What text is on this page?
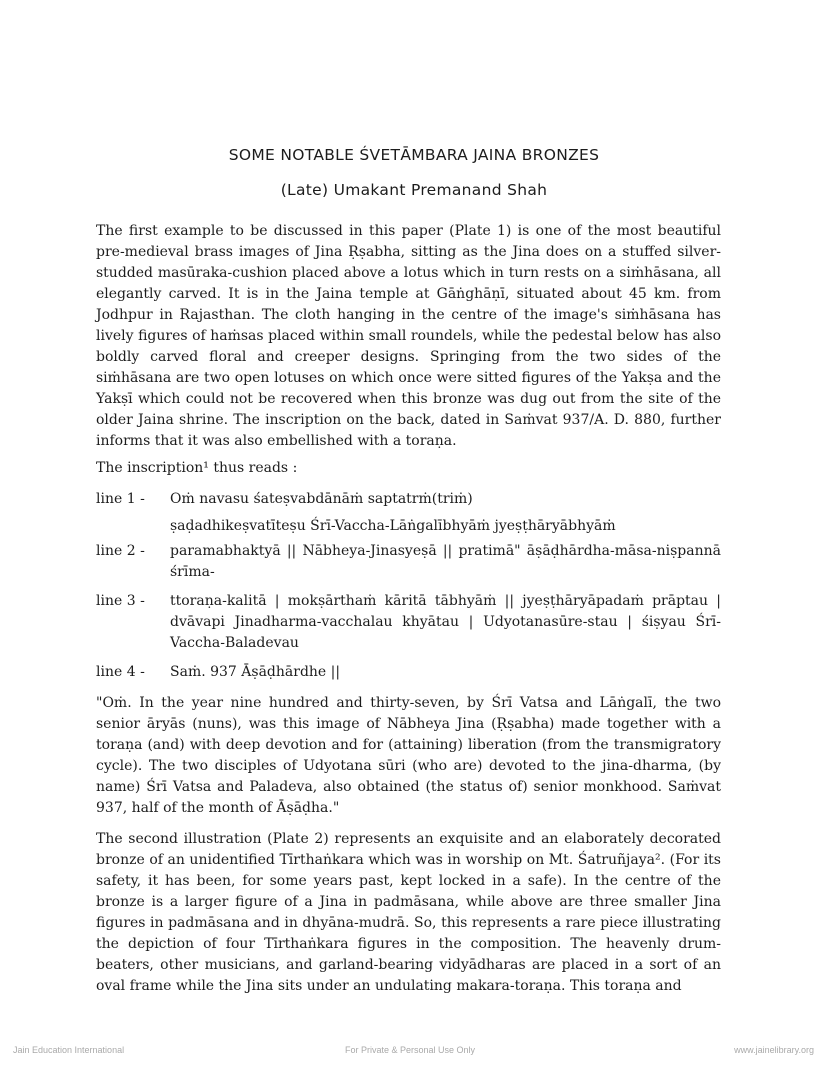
SOME NOTABLE ŚVETĀMBARA JAINA BRONZES
(Late) Umakant Premanand Shah

The first example to be discussed in this paper (Plate 1) is one of the most beautiful pre-medieval brass images of Jina Ṛṣabha, sitting as the Jina does on a stuffed silver-studded masūraka-cushion placed above a lotus which in turn rests on a siṁhāsana, all elegantly carved. It is in the Jaina temple at Gāṅghāṇī, situated about 45 km. from Jodhpur in Rajasthan. The cloth hanging in the centre of the image's siṁhāsana has lively figures of haṁsas placed within small roundels, while the pedestal below has also boldly carved floral and creeper designs. Springing from the two sides of the siṁhāsana are two open lotuses on which once were sitted figures of the Yakṣa and the Yakṣī which could not be recovered when this bronze was dug out from the site of the older Jaina shrine. The inscription on the back, dated in Saṁvat 937/A. D. 880, further informs that it was also embellished with a toraṇa.

The inscription¹ thus reads :

line 1 - Oṁ navasu śateṣvabdānāṁ saptatrṁ(triṁ)
ṣaḍadhikeṣvatīteṣu Śrī-Vaccha-Lāṅgalībhyāṁ jyeṣṭhāryābhyāṁ
line 2 - paramabhaktyā || Nābheya-Jinasyeṣā || pratimā" āṣāḍhārdha-māsa-niṣpannā śrīma-
line 3 - ttoraṇa-kalitā | mokṣārthaṁ kāritā tābhyāṁ || jyeṣṭhāryāpadaṁ prāptau | dvāvapi Jinadharma-vacchalau khyātau | Udyotanasūre-stau | śiṣyau Śrī-Vaccha-Baladevau
line 4 - Saṁ. 937 Āṣāḍhārdhe ||

"Oṁ. In the year nine hundred and thirty-seven, by Śrī Vatsa and Lāṅgalī, the two senior āryās (nuns), was this image of Nābheya Jina (Ṛṣabha) made together with a toraṇa (and) with deep devotion and for (attaining) liberation (from the transmigratory cycle). The two disciples of Udyotana sūri (who are) devoted to the jina-dharma, (by name) Śrī Vatsa and Paladeva, also obtained (the status of) senior monkhood. Saṁvat 937, half of the month of Āṣāḍha."

The second illustration (Plate 2) represents an exquisite and an elaborately decorated bronze of an unidentified Tīrthaṅkara which was in worship on Mt. Śatruñjaya². (For its safety, it has been, for some years past, kept locked in a safe). In the centre of the bronze is a larger figure of a Jina in padmāsana, while above are three smaller Jina figures in padmāsana and in dhyāna-mudrā. So, this represents a rare piece illustrating the depiction of four Tīrthaṅkara figures in the composition. The heavenly drum-beaters, other musicians, and garland-bearing vidyādharas are placed in a sort of an oval frame while the Jina sits under an undulating makara-toraṇa. This toraṇa and

Jain Education International	For Private & Personal Use Only	www.jainelibrary.org
